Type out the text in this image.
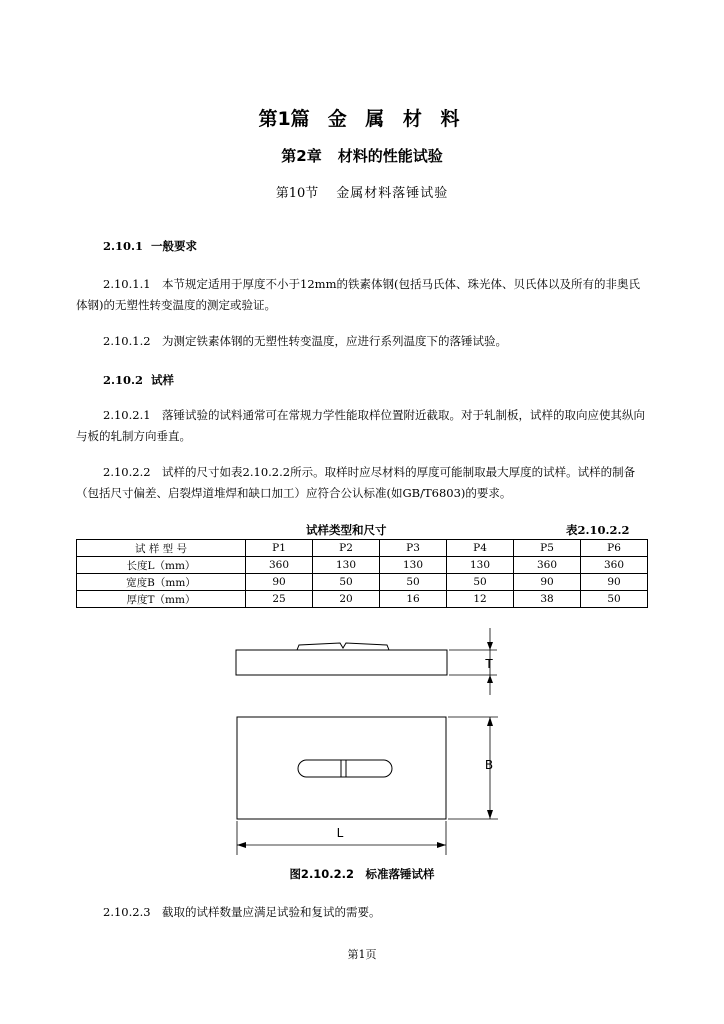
第1篇 金 属 材 料
第2章 材料的性能试验
第10节 金属材料落锤试验
2.10.1 一般要求
2.10.1.1　本节规定适用于厚度不小于12mm的铁素体钢(包括马氏体、珠光体、贝氏体以及所有的非奥氏体钢)的无塑性转变温度的测定或验证。
2.10.1.2　为测定铁素体钢的无塑性转变温度，应进行系列温度下的落锤试验。
2.10.2 试样
2.10.2.1　落锤试验的试料通常可在常规力学性能取样位置附近截取。对于轧制板，试样的取向应使其纵向与板的轧制方向垂直。
2.10.2.2　试样的尺寸如表2.10.2.2所示。取样时应尽材料的厚度可能制取最大厚度的试样。试样的制备（包括尺寸偏差、启裂焊道堆焊和缺口加工）应符合公认标准(如GB/T6803)的要求。
试样类型和尺寸	表2.10.2.2
试 样 型 号	P1	P2	P3	P4	P5	P6
长度L（mm）	360	130	130	130	360	360
宽度B（mm）	90	50	50	50	90	90
厚度T（mm）	25	20	16	12	38	50
T
B
L
图2.10.2.2　标准落锤试样
2.10.2.3　截取的试样数量应满足试验和复试的需要。
第1页
